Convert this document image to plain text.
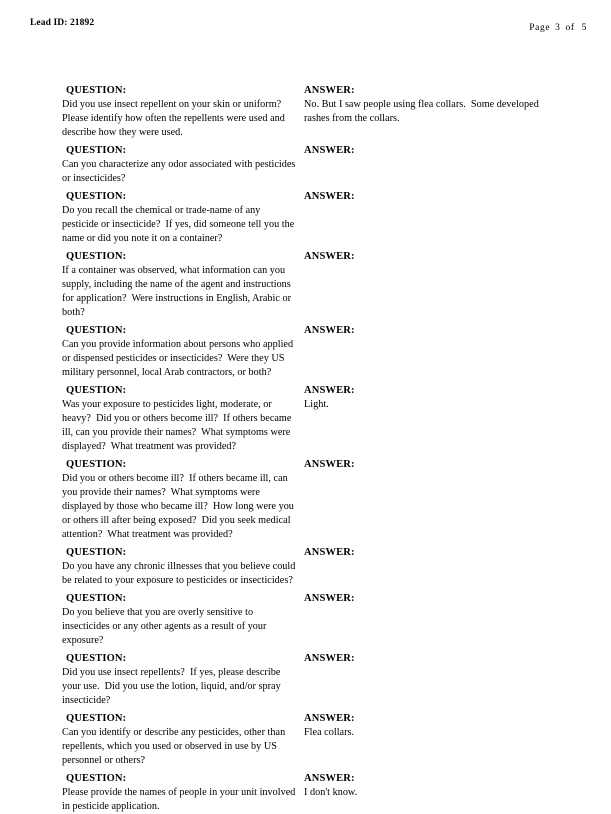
Lead ID: 21892	Page 3 of 5
QUESTION:
Did you use insect repellent on your skin or uniform?
Please identify how often the repellents were used and
describe how they were used.
ANSWER:
No. But I saw people using flea collars.  Some developed
rashes from the collars.
QUESTION:
Can you characterize any odor associated with pesticides
or insecticides?
ANSWER:
QUESTION:
Do you recall the chemical or trade-name of any
pesticide or insecticide?  If yes, did someone tell you the
name or did you note it on a container?
ANSWER:
QUESTION:
If a container was observed, what information can you
supply, including the name of the agent and instructions
for application?  Were instructions in English, Arabic or
both?
ANSWER:
QUESTION:
Can you provide information about persons who applied
or dispensed pesticides or insecticides?  Were they US
military personnel, local Arab contractors, or both?
ANSWER:
QUESTION:
Was your exposure to pesticides light, moderate, or
heavy?  Did you or others become ill?  If others became
ill, can you provide their names?  What symptoms were
displayed?  What treatment was provided?
ANSWER:
Light.
QUESTION:
Did you or others become ill?  If others became ill, can
you provide their names?  What symptoms were
displayed by those who became ill?  How long were you
or others ill after being exposed?  Did you seek medical
attention?  What treatment was provided?
ANSWER:
QUESTION:
Do you have any chronic illnesses that you believe could
be related to your exposure to pesticides or insecticides?
ANSWER:
QUESTION:
Do you believe that you are overly sensitive to
insecticides or any other agents as a result of your
exposure?
ANSWER:
QUESTION:
Did you use insect repellents?  If yes, please describe
your use.  Did you use the lotion, liquid, and/or spray
insecticide?
ANSWER:
QUESTION:
Can you identify or describe any pesticides, other than
repellents, which you used or observed in use by US
personnel or others?
ANSWER:
Flea collars.
QUESTION:
Please provide the names of people in your unit involved
in pesticide application.
ANSWER:
I don't know.
